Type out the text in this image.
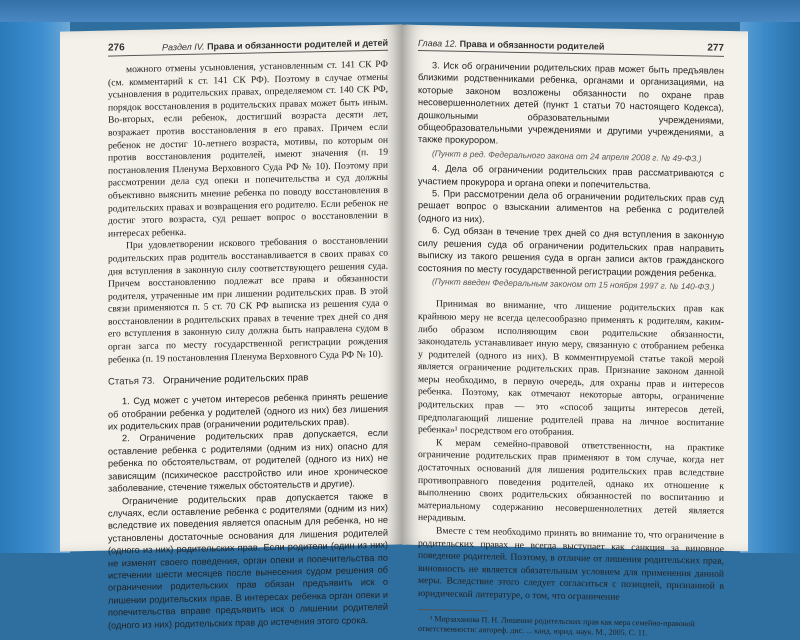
276	Раздел IV. Права и обязанности родителей и детей

можного отмены усыновления, установленным ст. 141 СК РФ (см. комментарий к ст. 141 СК РФ). Поэтому в случае отмены усыновления в родительских правах, определяемом ст. 140 СК РФ, порядок восстановления в родительских правах может быть иным. Во-вторых, если ребенок, достигший возраста десяти лет, возражает против восстановления в его правах. Причем если ребенок не достиг 10-летнего возраста, мотивы, по которым он против восстановления родителей, имеют значения (п. 19 постановления Пленума Верховного Суда РФ № 10). Поэтому при рассмотрении дела суд опеки и попечительства и суд должны объективно выяснить мнение ребенка по поводу восстановления в родительских правах и возвращения его родителю. Если ребенок не достиг этого возраста, суд решает вопрос о восстановлении в интересах ребенка.

При удовлетворении искового требования о восстановлении родительских прав родитель восстанавливается в своих правах со дня вступления в законную силу соответствующего решения суда. Причем восстановлению подлежат все права и обязанности родителя, утраченные им при лишении родительских прав. В этой связи применяются п. 5 ст. 70 СК РФ выписка из решения суда о восстановлении в родительских правах в течение трех дней со дня его вступления в законную силу должна быть направлена судом в орган загса по месту государственной регистрации рождения ребенка (п. 19 постановления Пленума Верховного Суда РФ № 10).

Статья 73. Ограничение родительских прав

1. Суд может с учетом интересов ребенка принять решение об отобрании ребенка у родителей (одного из них) без лишения их родительских прав (ограничении родительских прав).

2. Ограничение родительских прав допускается, если оставление ребенка с родителями (одним из них) опасно для ребенка по обстоятельствам, от родителей (одного из них) не зависящим (психическое расстройство или иное хроническое заболевание, стечение тяжелых обстоятельств и другие).

Ограничение родительских прав допускается также в случаях, если оставление ребенка с родителями (одним из них) вследствие их поведения является опасным для ребенка, но не установлены достаточные основания для лишения родителей (одного из них) родительских прав. Если родители (один из них) не изменят своего поведения, орган опеки и попечительства по истечении шести месяцев после вынесения судом решения об ограничении родительских прав обязан предъявить иск о лишении родительских прав. В интересах ребенка орган опеки и попечительства вправе предъявить иск о лишении родителей (одного из них) родительских прав до истечения этого срока.

Глава 12. Права и обязанности родителей	277

3. Иск об ограничении родительских прав может быть предъявлен близкими родственниками ребенка, органами и организациями, на которые законом возложены обязанности по охране прав несовершеннолетних детей (пункт 1 статьи 70 настоящего Кодекса), дошкольными образовательными учреждениями, общеобразовательными учреждениями и другими учреждениями, а также прокурором.

(Пункт в ред. Федерального закона от 24 апреля 2008 г. № 49-ФЗ.)

4. Дела об ограничении родительских прав рассматриваются с участием прокурора и органа опеки и попечительства.

5. При рассмотрении дела об ограничении родительских прав суд решает вопрос о взыскании алиментов на ребенка с родителей (одного из них).

6. Суд обязан в течение трех дней со дня вступления в законную силу решения суда об ограничении родительских прав направить выписку из такого решения суда в орган записи актов гражданского состояния по месту государственной регистрации рождения ребенка.

(Пункт введен Федеральным законом от 15 ноября 1997 г. № 140-ФЗ.)

Принимая во внимание, что лишение родительских прав как крайнюю меру не всегда целесообразно применять к родителям, каким-либо образом исполняющим свои родительские обязанности, законодатель устанавливает иную меру, связанную с отобранием ребенка у родителей (одного из них). В комментируемой статье такой мерой является ограничение родительских прав. Признание законом данной меры необходимо, в первую очередь, для охраны прав и интересов ребенка. Поэтому, как отмечают некоторые авторы, ограничение родительских прав — это «способ защиты интересов детей, предполагающий лишение родителей права на личное воспитание ребенка»¹ посредством его отобрания.

К мерам семейно-правовой ответственности, на практике ограничение родительских прав применяют в том случае, когда нет достаточных оснований для лишения родительских прав вследствие противоправного поведения родителей, однако их отношение к выполнению своих родительских обязанностей по воспитанию и материальному содержанию несовершеннолетних детей является нерадивым.

Вместе с тем необходимо принять во внимание то, что ограничение в родительских правах не всегда выступает как санкция за виновное поведение родителей. Поэтому, в отличие от лишения родительских прав, виновность не является обязательным условием для применения данной меры. Вследствие этого следует согласиться с позицией, признанной в юридической литературе, о том, что ограничение

¹ Мирзаханова П. Н. Лишение родительских прав как мера семейно-правовой ответственности: автореф. дис. ... канд. юрид. наук. М., 2005. С. 11.
